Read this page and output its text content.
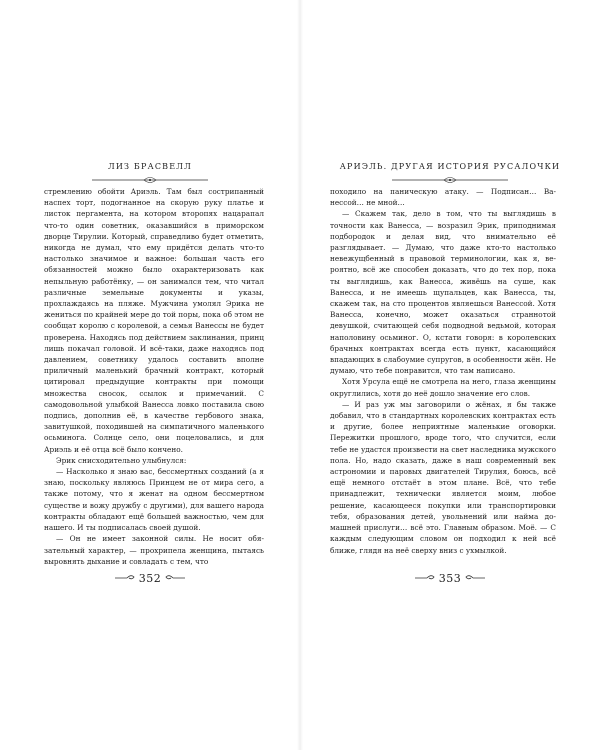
ЛИЗ БРАСВЕЛЛ

стремлению обойти Ариэль. Там был сострипанный наспех торт, подогнанное на скорую руку платье и листок пергамента, на котором второпях нацарапал что-то один советник, оказавшийся в приморском дворце Тирулии. Который, справедливо будет отметить, никогда не думал, что ему придётся делать что-то настолько значимое и важное: большая часть его обязанностей можно было охарактеризовать как непыльную работёнку, — он занимался тем, что читал различные земельные документы и указы, прохлаждаясь на пляже. Мужчина умолял Эрика не жениться по крайней мере до той поры, пока об этом не сообщат королю с королевой, а семья Ванессы не будет проверена. Находясь под действием заклинания, принц лишь покачал головой. И всё-таки, даже находясь под давлением, советнику удалось составить вполне приличный маленький брачный контракт, который цитировал предыдущие контракты при помощи множества сносок, ссылок и примечаний. С самодовольной улыбкой Ванесса ловко поставила свою подпись, дополнив её, в качестве гербового знака, завитушкой, походившей на симпатичного маленького осьминога. Солнце село, они поцеловались, и для Ариэль и её отца всё было кончено.

Эрик снисходительно улыбнулся:

— Насколько я знаю вас, бессмертных созданий (а я знаю, поскольку являюсь Принцем не от мира сего, а также потому, что я женат на одном бессмертном существе и вожу дружбу с другими), для вашего народа контракты обладают ещё большей важностью, чем для нашего. И ты подписалась своей душой.

— Он не имеет законной силы. Не носит обязательный характер, — прохрипела женщина, пытаясь выровнять дыхание и совладать с тем, что

352
АРИЭЛЬ. ДРУГАЯ ИСТОРИЯ РУСАЛОЧКИ

походило на паническую атаку. — Подписан… Ванессой… не мной…

— Скажем так, дело в том, что ты выглядишь в точности как Ванесса, — возразил Эрик, приподнимая подбородок и делая вид, что внимательно её разглядывает. — Думаю, что даже кто-то настолько невежущбенный в правовой терминологии, как я, вероятно, всё же способен доказать, что до тех пор, пока ты выглядишь, как Ванесса, живёшь на суше, как Ванесса, и не имеешь щупальцев, как Ванесса, ты, скажем так, на сто процентов являешься Ванессой. Хотя Ванесса, конечно, может оказаться страннотой девушкой, считающей себя подводной ведьмой, которая наполовину осьминог. О, кстати говоря: в королевских брачных контрактах всегда есть пункт, касающийся впадающих в слабоумие супругов, в особенности жён. Не думаю, что тебе понравится, что там написано.

Хотя Урсула ещё не смотрела на него, глаза женщины округлились, хотя до неё дошло значение его слов.

— И раз уж мы заговорили о жёнах, я бы также добавил, что в стандартных королевских контрактах есть и другие, более неприятные маленькие оговорки. Пережитки прошлого, вроде того, что случится, если тебе не удастся произвести на свет наследника мужского пола. Но, надо сказать, даже в наш современный век астрономии и паровых двигателей Тирулия, боюсь, всё ещё немного отстаёт в этом плане. Всё, что тебе принадлежит, технически является моим, любое решение, касающееся покупки или транспортировки тебя, образования детей, увольнений или найма домашней прислуги… всё это. Главным образом. Моё. — С каждым следующим словом он подходил к ней всё ближе, глядя на неё сверху вниз с ухмылкой.

353
